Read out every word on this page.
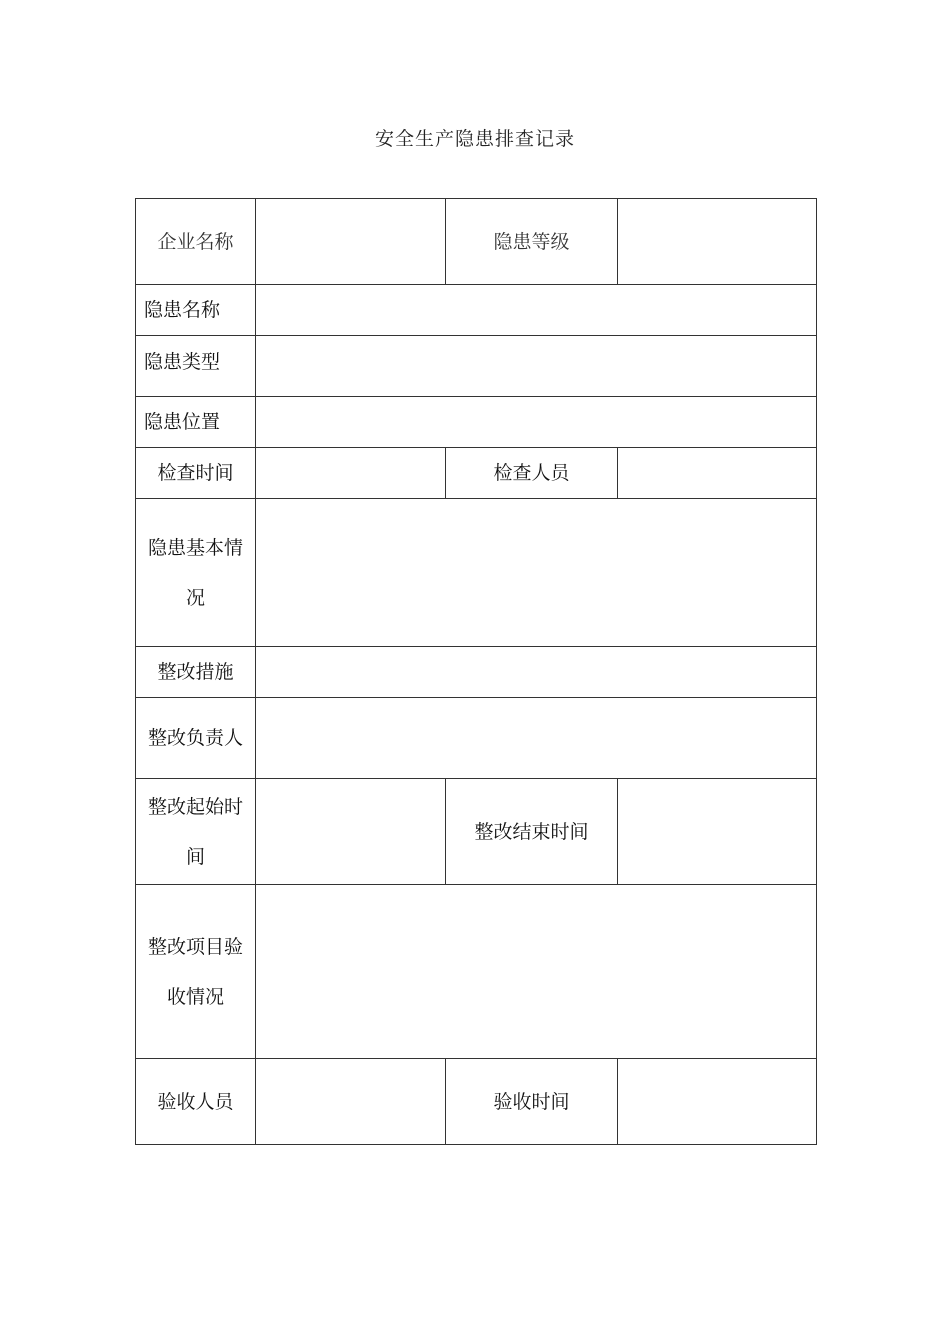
安全生产隐患排查记录
企业名称		隐患等级	
隐患名称			
隐患类型			
隐患位置			
检查时间		检查人员	
隐患基本情况			
整改措施			
整改负责人			
整改起始时间		整改结束时间	
整改项目验收情况			
验收人员		验收时间	
